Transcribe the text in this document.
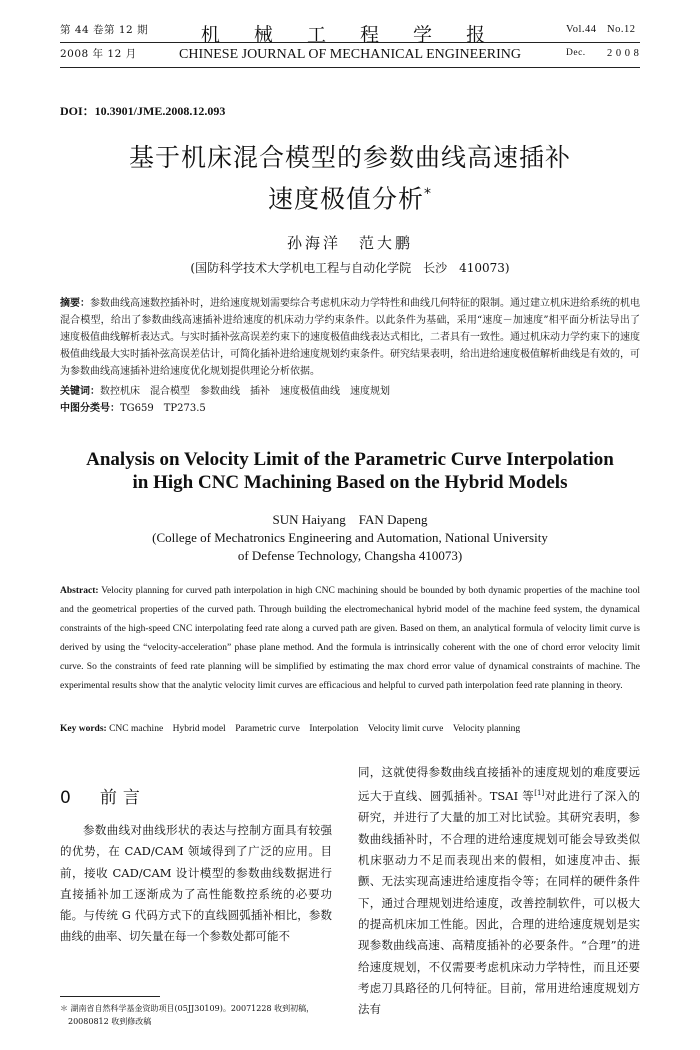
第 44 卷第 12 期
2008 年 12 月
机 械 工 程 学 报
CHINESE JOURNAL OF MECHANICAL ENGINEERING
Vol.44 No.12
Dec. 2 0 0 8
DOI：10.3901/JME.2008.12.093
基于机床混合模型的参数曲线高速插补
速度极值分析*
孙海洋　范大鹏
(国防科学技术大学机电工程与自动化学院　长沙　410073)
摘要：参数曲线高速数控插补时，进给速度规划需要综合考虑机床动力学特性和曲线几何特征的限制。通过建立机床进给系统的机电混合模型，给出了参数曲线高速插补进给速度的机床动力学约束条件。以此条件为基础，采用“速度－加速度”相平面分析法导出了速度极值曲线解析表达式。与实时插补弦高误差约束下的速度极值曲线表达式相比，二者具有一致性。通过机床动力学约束下的速度极值曲线最大实时插补弦高误差估计，可简化插补进给速度规划约束条件。研究结果表明，给出进给速度极值解析曲线是有效的，可为参数曲线高速插补进给速度优化规划提供理论分析依据。
关键词：数控机床　混合模型　参数曲线　插补　速度极值曲线　速度规划
中图分类号：TG659　TP273.5
Analysis on Velocity Limit of the Parametric Curve Interpolation
in High CNC Machining Based on the Hybrid Models
SUN Haiyang　FAN Dapeng
(College of Mechatronics Engineering and Automation, National University
of Defense Technology, Changsha 410073)
Abstract: Velocity planning for curved path interpolation in high CNC machining should be bounded by both dynamic properties of the machine tool and the geometrical properties of the curved path. Through building the electromechanical hybrid model of the machine feed system, the dynamical constraints of the high-speed CNC interpolating feed rate along a curved path are given. Based on them, an analytical formula of velocity limit curve is derived by using the “velocity-acceleration” phase plane method. And the formula is intrinsically coherent with the one of chord error velocity limit curve. So the constraints of feed rate planning will be simplified by estimating the max chord error value of dynamical constraints of machine. The experimental results show that the analytic velocity limit curves are efficacious and helpful to curved path interpolation feed rate planning in theory.
Key words: CNC machine　Hybrid model　Parametric curve　Interpolation　Velocity limit curve　Velocity planning
0　前言
参数曲线对曲线形状的表达与控制方面具有较强的优势，在 CAD/CAM 领域得到了广泛的应用。目前，接收 CAD/CAM 设计模型的参数曲线数据进行直接插补加工逐渐成为了高性能数控系统的必要功能。与传统 G 代码方式下的直线圆弧插补相比，参数曲线的曲率、切矢量在每一个参数处都可能不
同，这就使得参数曲线直接插补的速度规划的难度要远远大于直线、圆弧插补。TSAI 等[1]对此进行了深入的研究，并进行了大量的加工对比试验。其研究表明，参数曲线插补时，不合理的进给速度规划可能会导致类似机床驱动力不足而表现出来的假相，如速度冲击、振颤、无法实现高速进给速度指令等；在同样的硬件条件下，通过合理规划进给速度，改善控制软件，可以极大的提高机床加工性能。因此，合理的进给速度规划是实现参数曲线高速、高精度插补的必要条件。“合理”的进给速度规划，不仅需要考虑机床动力学特性，而且还要考虑刀具路径的几何特征。目前，常用进给速度规划方法有
＊ 湖南省自然科学基金资助项目(05JJ30109)。20071228 收到初稿，
20080812 收到修改稿
